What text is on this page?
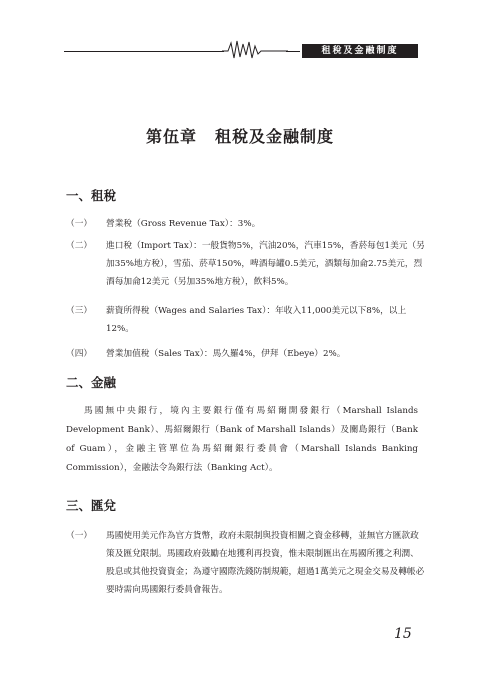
租稅及金融制度
第伍章 租稅及金融制度
一、租稅
（一）	營業稅（Gross Revenue Tax）：3%。
（二）	進口稅（Import Tax）：一般貨物5%，汽油20%，汽車15%，香菸每包1美元（另加35%地方稅），雪茄、菸草150%，啤酒每罐0.5美元，酒類每加侖2.75美元，烈酒每加侖12美元（另加35%地方稅），飲料5%。
（三）	薪資所得稅（Wages and Salaries Tax）：年收入11,000美元以下8%，以上12%。
（四）	營業加值稅（Sales Tax）：馬久羅4%，伊拜（Ebeye）2%。
二、金融
馬國無中央銀行，境內主要銀行僅有馬紹爾開發銀行（Marshall Islands Development Bank）、馬紹爾銀行（Bank of Marshall Islands）及關島銀行（Bank of Guam），金融主管單位為馬紹爾銀行委員會（Marshall Islands Banking Commission），金融法令為銀行法（Banking Act）。
三、匯兌
（一）	馬國使用美元作為官方貨幣，政府未限制與投資相關之資金移轉，並無官方匯款政策及匯兌限制。馬國政府鼓勵在地獲利再投資，惟未限制匯出在馬國所獲之利潤、股息或其他投資資金；為遵守國際洗錢防制規範，超過1萬美元之現金交易及轉帳必要時需向馬國銀行委員會報告。
15
